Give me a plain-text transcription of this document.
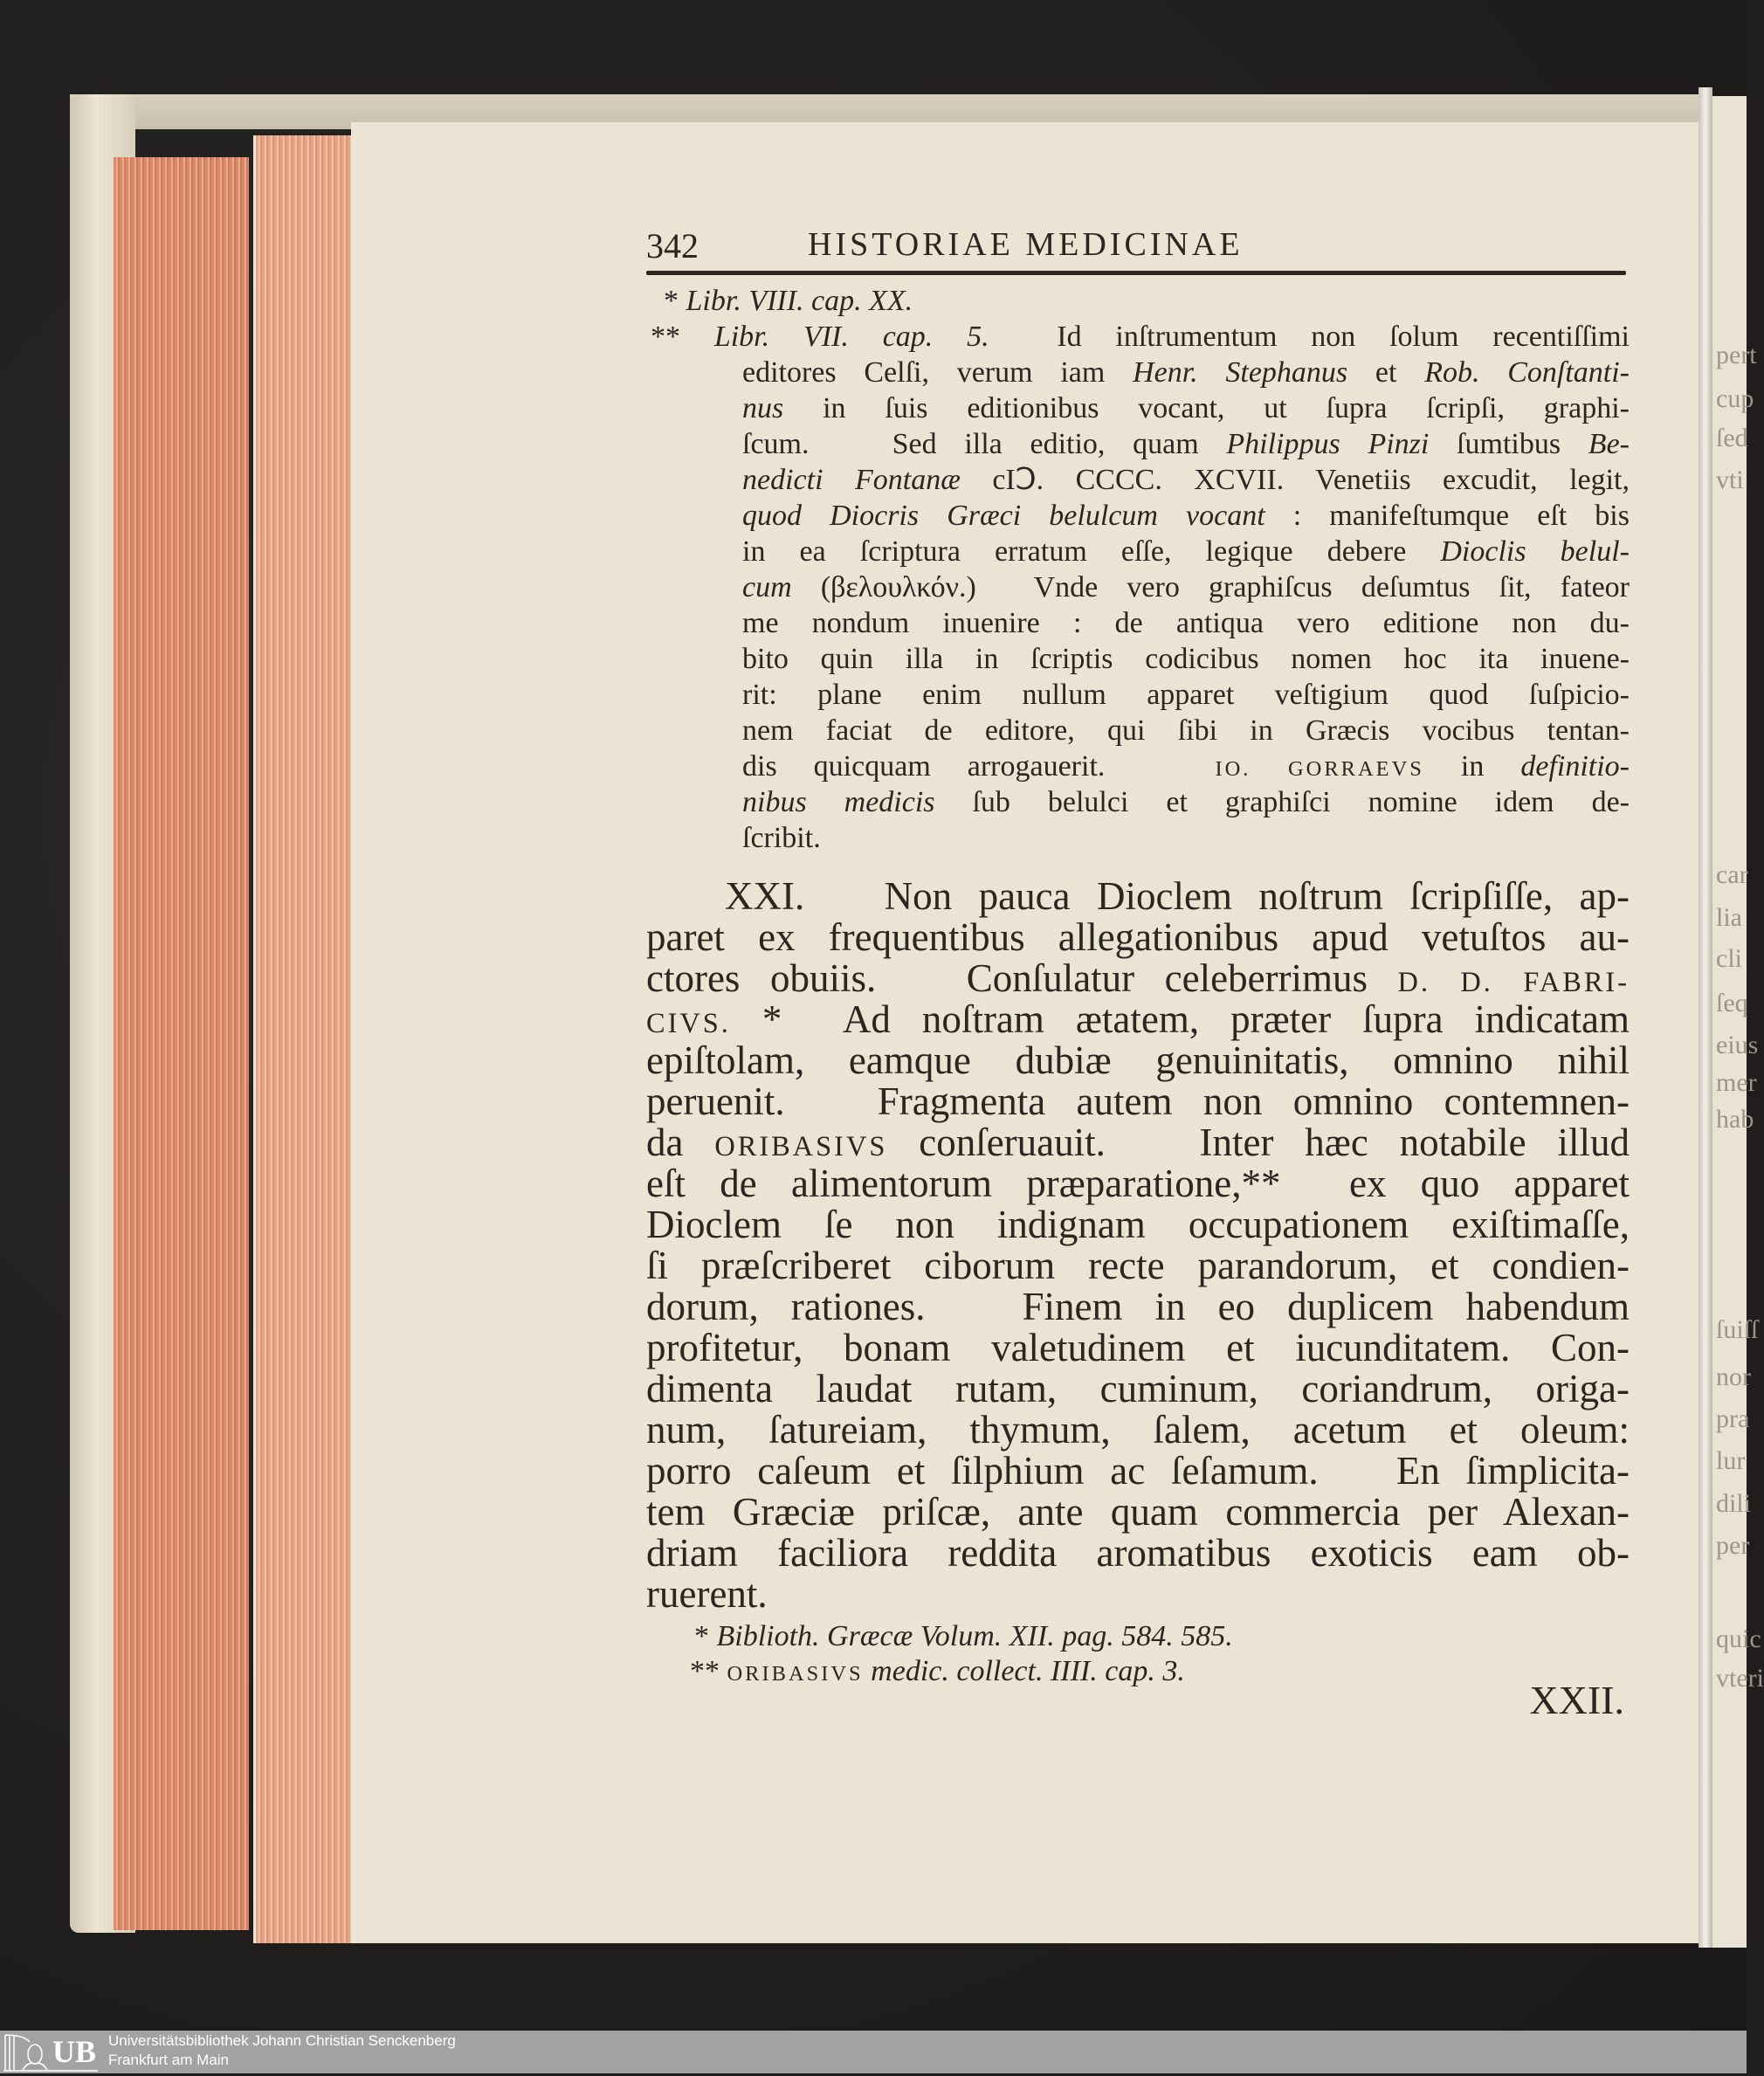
pert
cup
ſed
vti
car
lia
cli
ſeq
eius
mer
hab
ſuiſſ
nor
pra
lur
dili
per
quic
vteri
342	HISTORIAE MEDICINAE
* Libr. VIII. cap. XX.
** Libr. VII. cap. 5.  Id inſtrumentum non ſolum recentiſſimi
editores Celſi, verum iam Henr. Stephanus et Rob. Conſtanti-
nus in ſuis editionibus vocant, ut ſupra ſcripſi, graphi-
ſcum.   Sed illa editio, quam Philippus Pinzi ſumtibus Be-
nedicti Fontanæ cIↃ. CCCC. XCVII. Venetiis excudit, legit,
quod Diocris Græci belulcum vocant : manifeſtumque eſt bis
in ea ſcriptura erratum eſſe, legique debere Dioclis belul-
cum (βελουλκόν.)  Vnde vero graphiſcus deſumtus ſit, fateor
me nondum inuenire : de antiqua vero editione non du-
bito quin illa in ſcriptis codicibus nomen hoc ita inuene-
rit: plane enim nullum apparet veſtigium quod ſuſpicio-
nem faciat de editore, qui ſibi in Græcis vocibus tentan-
dis quicquam arrogauerit.   IO. GORRAEVS in definitio-
nibus medicis ſub belulci et graphiſci nomine idem de-
ſcribit.
XXI.   Non pauca Dioclem noſtrum ſcripſiſſe, ap-
paret ex frequentibus allegationibus apud vetuſtos au-
ctores obuiis.   Conſulatur celeberrimus D. D. FABRI-
CIVS. *  Ad noſtram ætatem, præter ſupra indicatam
epiſtolam, eamque dubiæ genuinitatis, omnino nihil
peruenit.   Fragmenta autem non omnino contemnen-
da ORIBASIVS conſeruauit.   Inter hæc notabile illud
eſt de alimentorum præparatione,**  ex quo apparet
Dioclem ſe non indignam occupationem exiſtimaſſe,
ſi præſcriberet ciborum recte parandorum, et condien-
dorum, rationes.   Finem in eo duplicem habendum
profitetur, bonam valetudinem et iucunditatem. Con-
dimenta laudat rutam, cuminum, coriandrum, origa-
num, ſatureiam, thymum, ſalem, acetum et oleum:
porro caſeum et ſilphium ac ſeſamum.   En ſimplicita-
tem Græciæ priſcæ, ante quam commercia per Alexan-
driam faciliora reddita aromatibus exoticis eam ob-
ruerent.
* Biblioth. Græcæ Volum. XII. pag. 584. 585.
** ORIBASIVS medic. collect. IIII. cap. 3.
XXII.
UB Universitätsbibliothek Johann Christian Senckenberg
Frankfurt am Main
